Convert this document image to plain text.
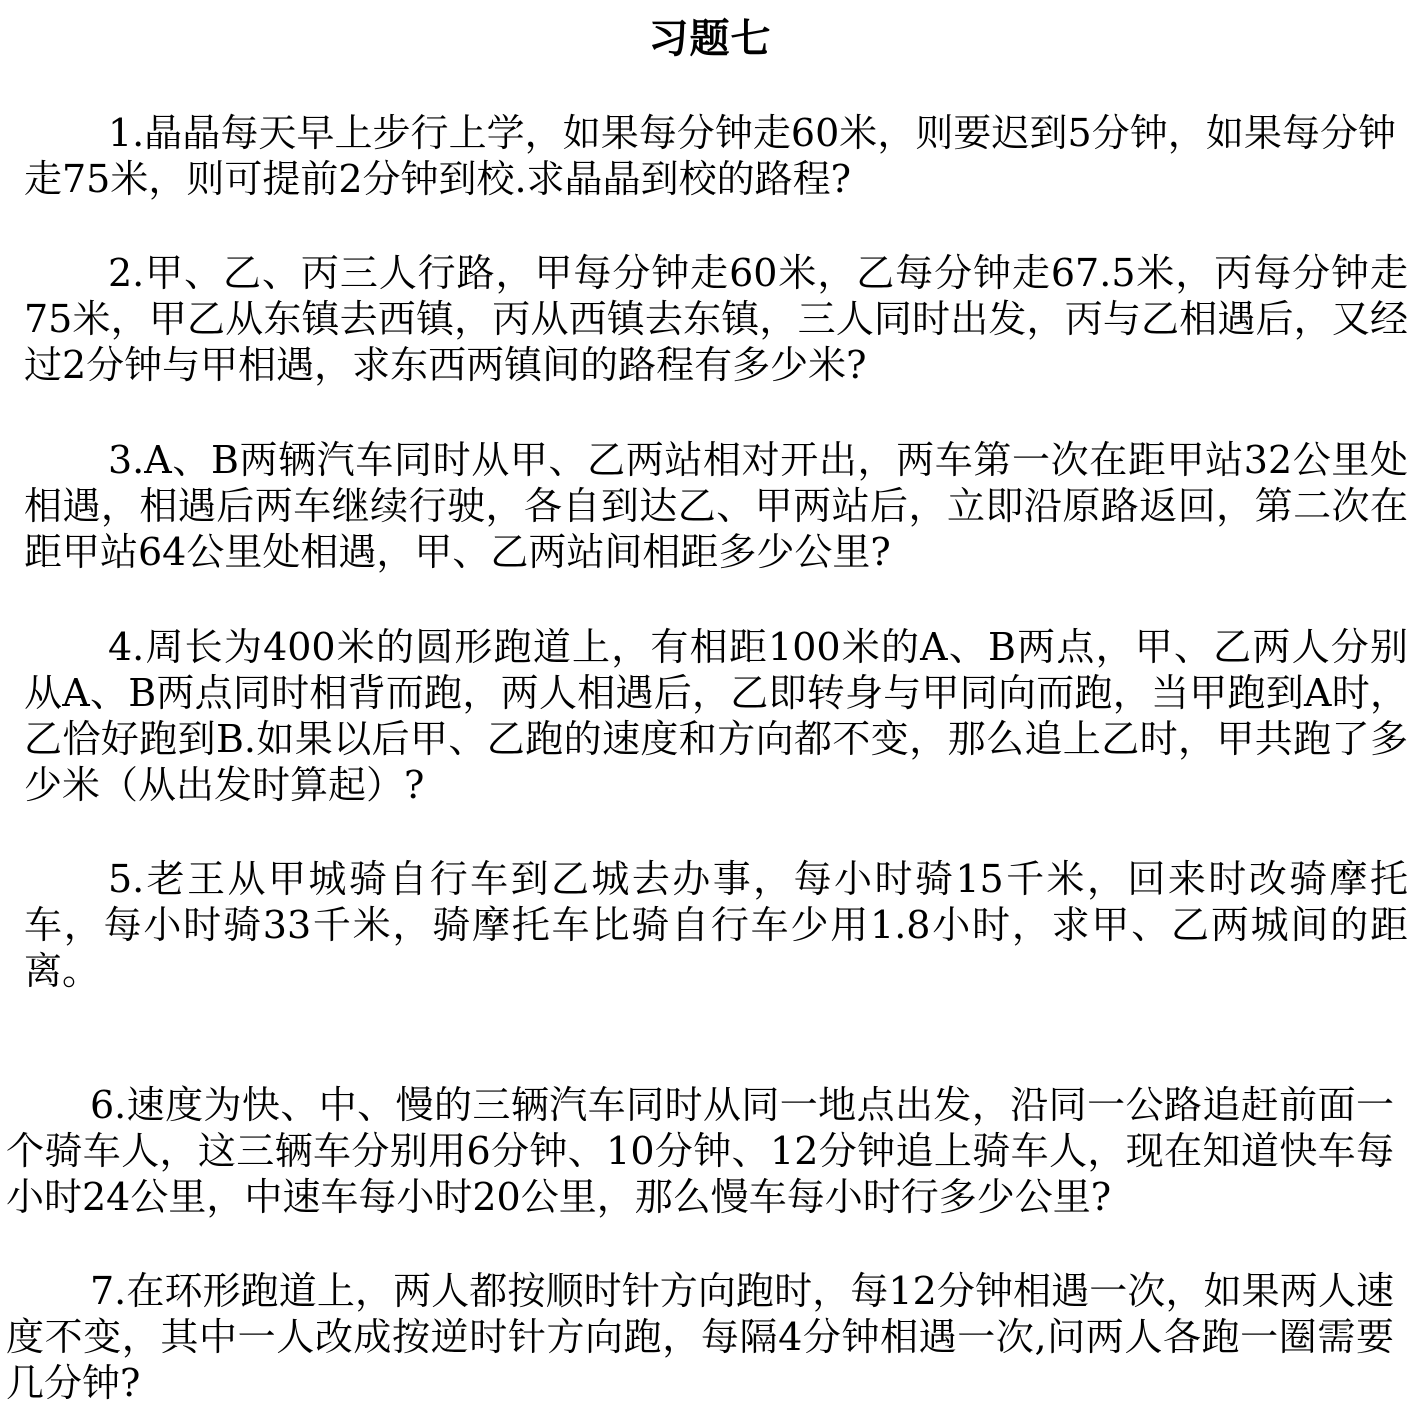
习题七

1.晶晶每天早上步行上学，如果每分钟走60米，则要迟到5分钟，如果每分钟走75米，则可提前2分钟到校.求晶晶到校的路程?

2.甲、乙、丙三人行路，甲每分钟走60米，乙每分钟走67.5米，丙每分钟走75米，甲乙从东镇去西镇，丙从西镇去东镇，三人同时出发，丙与乙相遇后，又经过2分钟与甲相遇，求东西两镇间的路程有多少米?

3.A、B两辆汽车同时从甲、乙两站相对开出，两车第一次在距甲站32公里处相遇，相遇后两车继续行驶，各自到达乙、甲两站后，立即沿原路返回，第二次在距甲站64公里处相遇，甲、乙两站间相距多少公里?

4.周长为400米的圆形跑道上，有相距100米的A、B两点，甲、乙两人分别从A、B两点同时相背而跑，两人相遇后，乙即转身与甲同向而跑，当甲跑到A时，乙恰好跑到B.如果以后甲、乙跑的速度和方向都不变，那么追上乙时，甲共跑了多少米（从出发时算起）?

5.老王从甲城骑自行车到乙城去办事，每小时骑15千米，回来时改骑摩托车，每小时骑33千米，骑摩托车比骑自行车少用1.8小时，求甲、乙两城间的距离。

6.速度为快、中、慢的三辆汽车同时从同一地点出发，沿同一公路追赶前面一个骑车人，这三辆车分别用6分钟、10分钟、12分钟追上骑车人，现在知道快车每小时24公里，中速车每小时20公里，那么慢车每小时行多少公里?

7.在环形跑道上，两人都按顺时针方向跑时，每12分钟相遇一次，如果两人速度不变，其中一人改成按逆时针方向跑，每隔4分钟相遇一次,问两人各跑一圈需要几分钟?
